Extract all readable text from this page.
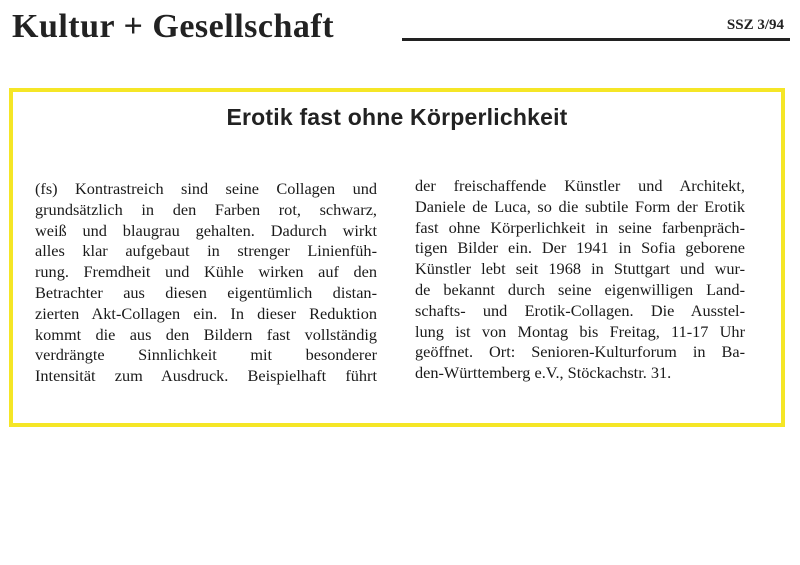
Kultur + Gesellschaft	SSZ 3/94
Erotik fast ohne Körperlichkeit
(fs) Kontrastreich sind seine Collagen und
grundsätzlich in den Farben rot, schwarz,
weiß und blaugrau gehalten. Dadurch wirkt
alles klar aufgebaut in strenger Linienfüh-
rung. Fremdheit und Kühle wirken auf den
Betrachter aus diesen eigentümlich distan-
zierten Akt-Collagen ein. In dieser Reduktion
kommt die aus den Bildern fast vollständig
verdrängte Sinnlichkeit mit besonderer
Intensität zum Ausdruck. Beispielhaft führt
der freischaffende Künstler und Architekt,
Daniele de Luca, so die subtile Form der Erotik
fast ohne Körperlichkeit in seine farbenpräch-
tigen Bilder ein. Der 1941 in Sofia geborene
Künstler lebt seit 1968 in Stuttgart und wur-
de bekannt durch seine eigenwilligen Land-
schafts- und Erotik-Collagen. Die Ausstel-
lung ist von Montag bis Freitag, 11-17 Uhr
geöffnet. Ort: Senioren-Kulturforum in Ba-
den-Württemberg e.V., Stöckachstr. 31.
